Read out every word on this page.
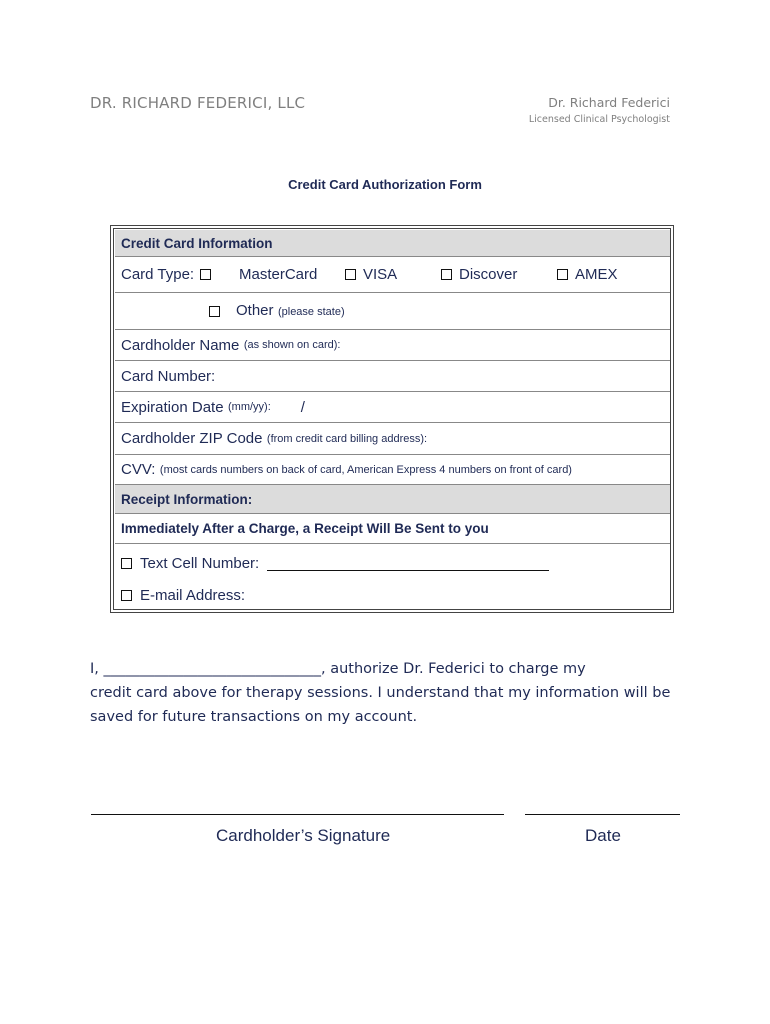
DR. RICHARD FEDERICI, LLC	Dr. Richard Federici
Licensed Clinical Psychologist
Credit Card Authorization Form
Credit Card Information
Card Type:	MasterCard	VISA	Discover	AMEX
Other (please state)
Cardholder Name
(as shown on card):
Card Number:
Expiration Date
(mm/yy): /
Cardholder ZIP Code
(from credit card billing address):
CVV:
(most cards numbers on back of card, American Express 4 numbers on front of card)
Receipt Information:
Immediately After a Charge, a Receipt Will Be Sent to you
Text Cell Number:
E-mail Address:
I, ______________________________, authorize Dr. Federici to charge my
credit card above for therapy sessions. I understand that my information will be
saved for future transactions on my account.
Cardholder’s Signature	Date
